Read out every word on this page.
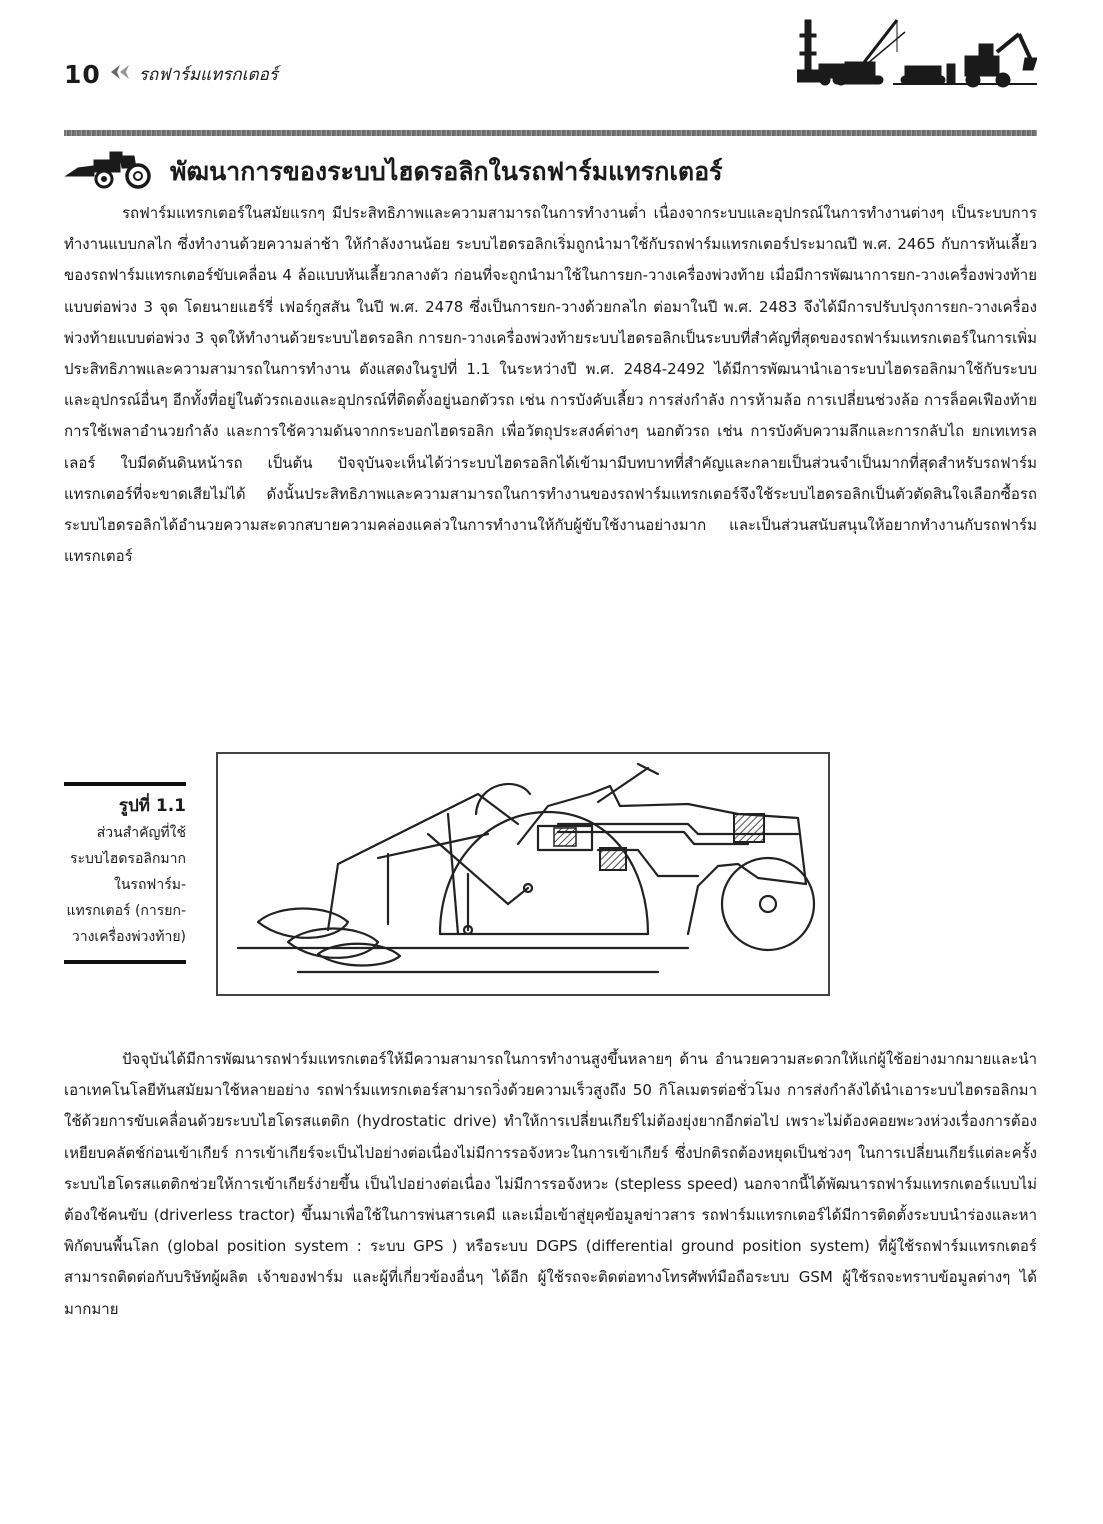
10 รถฟาร์มแทรกเตอร์
พัฒนาการของระบบไฮดรอลิกในรถฟาร์มแทรกเตอร์

รถฟาร์มแทรกเตอร์ในสมัยแรกๆ มีประสิทธิภาพและความสามารถในการทำงานต่ำ เนื่องจากระบบและอุปกรณ์ในการทำงานต่างๆ เป็นระบบการทำงานแบบกลไก ซึ่งทำงานด้วยความล่าช้า ให้กำลังงานน้อย ระบบไฮดรอลิกเริ่มถูกนำมาใช้กับรถฟาร์มแทรกเตอร์ประมาณปี พ.ศ. 2465 กับการหันเลี้ยวของรถฟาร์มแทรกเตอร์ขับเคลื่อน 4 ล้อแบบหันเลี้ยวกลางตัว ก่อนที่จะถูกนำมาใช้ในการยก-วางเครื่องพ่วงท้าย เมื่อมีการพัฒนาการยก-วางเครื่องพ่วงท้ายแบบต่อพ่วง 3 จุด โดยนายแฮร์รี่ เฟอร์กูสสัน ในปี พ.ศ. 2478 ซึ่งเป็นการยก-วางด้วยกลไก ต่อมาในปี พ.ศ. 2483 จึงได้มีการปรับปรุงการยก-วางเครื่องพ่วงท้ายแบบต่อพ่วง 3 จุดให้ทำงานด้วยระบบไฮดรอลิก การยก-วางเครื่องพ่วงท้ายระบบไฮดรอลิกเป็นระบบที่สำคัญที่สุดของรถฟาร์มแทรกเตอร์ในการเพิ่มประสิทธิภาพและความสามารถในการทำงาน ดังแสดงในรูปที่ 1.1 ในระหว่างปี พ.ศ. 2484-2492 ได้มีการพัฒนานำเอาระบบไฮดรอลิกมาใช้กับระบบและอุปกรณ์อื่นๆ อีกทั้งที่อยู่ในตัวรถเองและอุปกรณ์ที่ติดตั้งอยู่นอกตัวรถ เช่น การบังคับเลี้ยว การส่งกำลัง การห้ามล้อ การเปลี่ยนช่วงล้อ การล็อคเฟืองท้าย การใช้เพลาอำนวยกำลัง และการใช้ความดันจากกระบอกไฮดรอลิก เพื่อวัตถุประสงค์ต่างๆ นอกตัวรถ เช่น การบังคับความลึกและการกลับไถ ยกเทเทรลเลอร์ ใบมีดดันดินหน้ารถ เป็นต้น ปัจจุบันจะเห็นได้ว่าระบบไฮดรอลิกได้เข้ามามีบทบาทที่สำคัญและกลายเป็นส่วนจำเป็นมากที่สุดสำหรับรถฟาร์มแทรกเตอร์ที่จะขาดเสียไม่ได้ ดังนั้นประสิทธิภาพและความสามารถในการทำงานของรถฟาร์มแทรกเตอร์จึงใช้ระบบไฮดรอลิกเป็นตัวตัดสินใจเลือกซื้อรถ ระบบไฮดรอลิกได้อำนวยความสะดวกสบายความคล่องแคล่วในการทำงานให้กับผู้ขับใช้งานอย่างมาก และเป็นส่วนสนับสนุนให้อยากทำงานกับรถฟาร์มแทรกเตอร์

รูปที่ 1.1
ส่วนสำคัญที่ใช้ระบบไฮดรอลิกมากในรถฟาร์ม-แทรกเตอร์ (การยก-วางเครื่องพ่วงท้าย)

ปัจจุบันได้มีการพัฒนารถฟาร์มแทรกเตอร์ให้มีความสามารถในการทำงานสูงขึ้นหลายๆ ด้าน อำนวยความสะดวกให้แก่ผู้ใช้อย่างมากมายและนำเอาเทคโนโลยีทันสมัยมาใช้หลายอย่าง รถฟาร์มแทรกเตอร์สามารถวิ่งด้วยความเร็วสูงถึง 50 กิโลเมตรต่อชั่วโมง การส่งกำลังได้นำเอาระบบไฮดรอลิกมาใช้ด้วยการขับเคลื่อนด้วยระบบไฮโดรสแตติก (hydrostatic drive) ทำให้การเปลี่ยนเกียร์ไม่ต้องยุ่งยากอีกต่อไป เพราะไม่ต้องคอยพะวงห่วงเรื่องการต้องเหยียบคลัตช์ก่อนเข้าเกียร์ การเข้าเกียร์จะเป็นไปอย่างต่อเนื่องไม่มีการรอจังหวะในการเข้าเกียร์ ซึ่งปกติรถต้องหยุดเป็นช่วงๆ ในการเปลี่ยนเกียร์แต่ละครั้ง ระบบไฮโดรสแตติกช่วยให้การเข้าเกียร์ง่ายขึ้น เป็นไปอย่างต่อเนื่อง ไม่มีการรอจังหวะ (stepless speed) นอกจากนี้ได้พัฒนารถฟาร์มแทรกเตอร์แบบไม่ต้องใช้คนขับ (driverless tractor) ขึ้นมาเพื่อใช้ในการพ่นสารเคมี และเมื่อเข้าสู่ยุคข้อมูลข่าวสาร รถฟาร์มแทรกเตอร์ได้มีการติดตั้งระบบนำร่องและหาพิกัดบนพื้นโลก (global position system : ระบบ GPS ) หรือระบบ DGPS (differential ground position system) ที่ผู้ใช้รถฟาร์มแทรกเตอร์สามารถติดต่อกับบริษัทผู้ผลิต เจ้าของฟาร์ม และผู้ที่เกี่ยวข้องอื่นๆ ได้อีก ผู้ใช้รถจะติดต่อทางโทรศัพท์มือถือระบบ GSM ผู้ใช้รถจะทราบข้อมูลต่างๆ ได้มากมาย
